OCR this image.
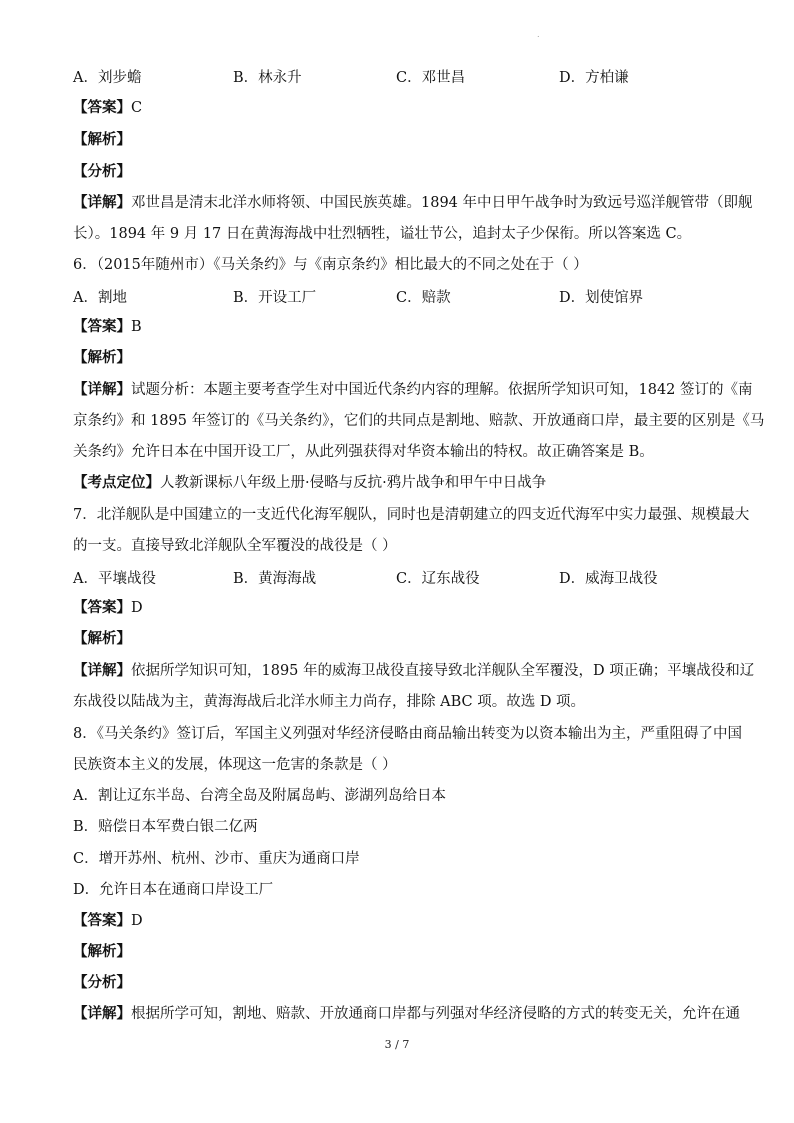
.
A．刘步蟾	B．林永升	C．邓世昌	D．方柏谦
【答案】C
【解析】
【分析】
【详解】邓世昌是清末北洋水师将领、中国民族英雄。1894 年中日甲午战争时为致远号巡洋舰管带（即舰
长）。1894 年 9 月 17 日在黄海海战中壮烈牺牲，谥壮节公，追封太子少保衔。所以答案选 C。
6．（2015年随州市）《马关条约》与《南京条约》相比最大的不同之处在于（ ）
A．割地	B．开设工厂	C．赔款	D．划使馆界
【答案】B
【解析】
【详解】试题分析：本题主要考查学生对中国近代条约内容的理解。依据所学知识可知，1842 签订的《南
京条约》和 1895 年签订的《马关条约》，它们的共同点是割地、赔款、开放通商口岸，最主要的区别是《马
关条约》允许日本在中国开设工厂，从此列强获得对华资本输出的特权。故正确答案是 B。
【考点定位】人教新课标八年级上册·侵略与反抗·鸦片战争和甲午中日战争
7．北洋舰队是中国建立的一支近代化海军舰队，同时也是清朝建立的四支近代海军中实力最强、规模最大
的一支。直接导致北洋舰队全军覆没的战役是（ ）
A．平壤战役	B．黄海海战	C．辽东战役	D．威海卫战役
【答案】D
【解析】
【详解】依据所学知识可知，1895 年的威海卫战役直接导致北洋舰队全军覆没，D 项正确；平壤战役和辽
东战役以陆战为主，黄海海战后北洋水师主力尚存，排除 ABC 项。故选 D 项。
8．《马关条约》签订后，军国主义列强对华经济侵略由商品输出转变为以资本输出为主，严重阻碍了中国
民族资本主义的发展，体现这一危害的条款是（ ）
A．割让辽东半岛、台湾全岛及附属岛屿、澎湖列岛给日本
B．赔偿日本军费白银二亿两
C．增开苏州、杭州、沙市、重庆为通商口岸
D．允许日本在通商口岸设工厂
【答案】D
【解析】
【分析】
【详解】根据所学可知，割地、赔款、开放通商口岸都与列强对华经济侵略的方式的转变无关，允许在通
3 / 7
